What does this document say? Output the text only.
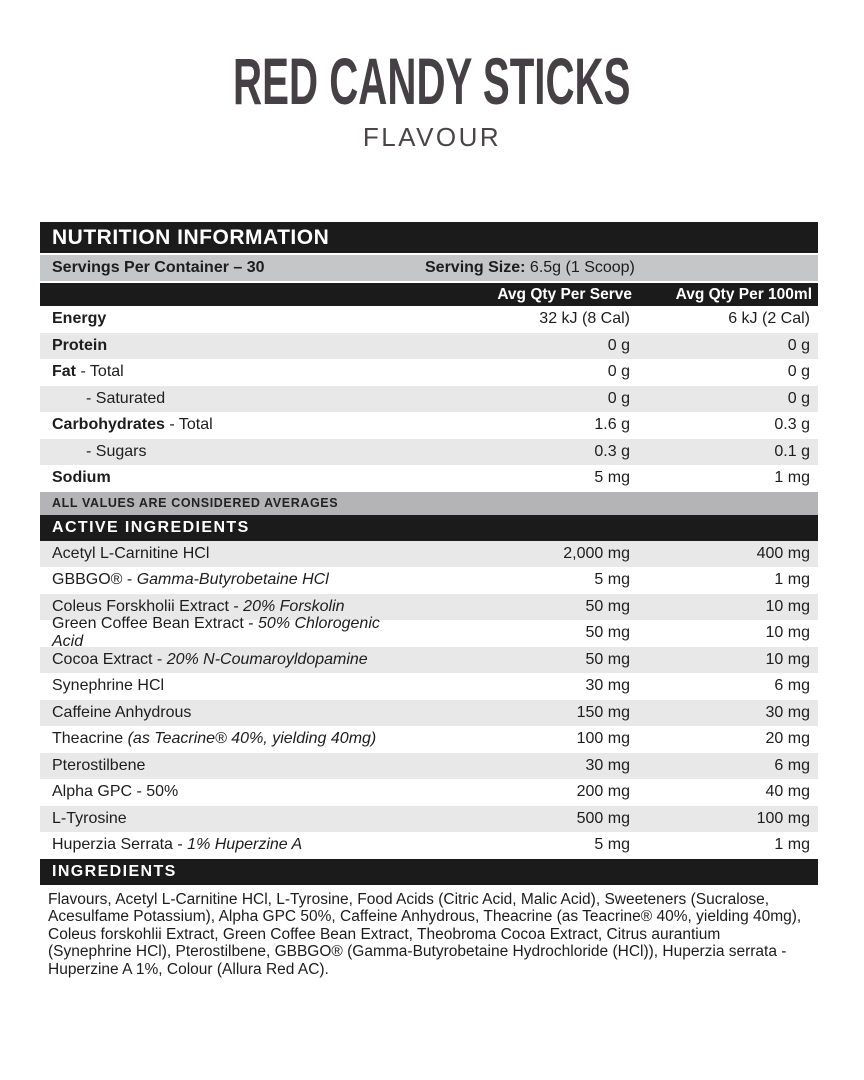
RED CANDY STICKS
FLAVOUR
NUTRITION INFORMATION
Servings Per Container – 30	Serving Size: 6.5g (1 Scoop)
Avg Qty Per Serve	Avg Qty Per 100ml
Energy	32 kJ (8 Cal)	6 kJ (2 Cal)
Protein	0 g	0 g
Fat - Total	0 g	0 g
- Saturated	0 g	0 g
Carbohydrates - Total	1.6 g	0.3 g
- Sugars	0.3 g	0.1 g
Sodium	5 mg	1 mg
ALL VALUES ARE CONSIDERED AVERAGES
ACTIVE INGREDIENTS
Acetyl L-Carnitine HCl	2,000 mg	400 mg
GBBGO® - Gamma-Butyrobetaine HCl	5 mg	1 mg
Coleus Forskholii Extract - 20% Forskolin	50 mg	10 mg
Green Coffee Bean Extract - 50% Chlorogenic Acid
50 mg	10 mg
Cocoa Extract - 20% N-Coumaroyldopamine	50 mg	10 mg
Synephrine HCl	30 mg	6 mg
Caffeine Anhydrous	150 mg	30 mg
Theacrine (as Teacrine® 40%, yielding 40mg)	100 mg	20 mg
Pterostilbene	30 mg	6 mg
Alpha GPC - 50%	200 mg	40 mg
L-Tyrosine	500 mg	100 mg
Huperzia Serrata - 1% Huperzine A	5 mg	1 mg
INGREDIENTS
Flavours, Acetyl L-Carnitine HCl, L-Tyrosine, Food Acids (Citric Acid, Malic Acid), Sweeteners (Sucralose, Acesulfame Potassium), Alpha GPC 50%, Caffeine Anhydrous, Theacrine (as Teacrine® 40%, yielding 40mg), Coleus forskohlii Extract, Green Coffee Bean Extract, Theobroma Cocoa Extract, Citrus aurantium (Synephrine HCl), Pterostilbene, GBBGO® (Gamma-Butyrobetaine Hydrochloride (HCl)), Huperzia serrata - Huperzine A 1%, Colour (Allura Red AC).
